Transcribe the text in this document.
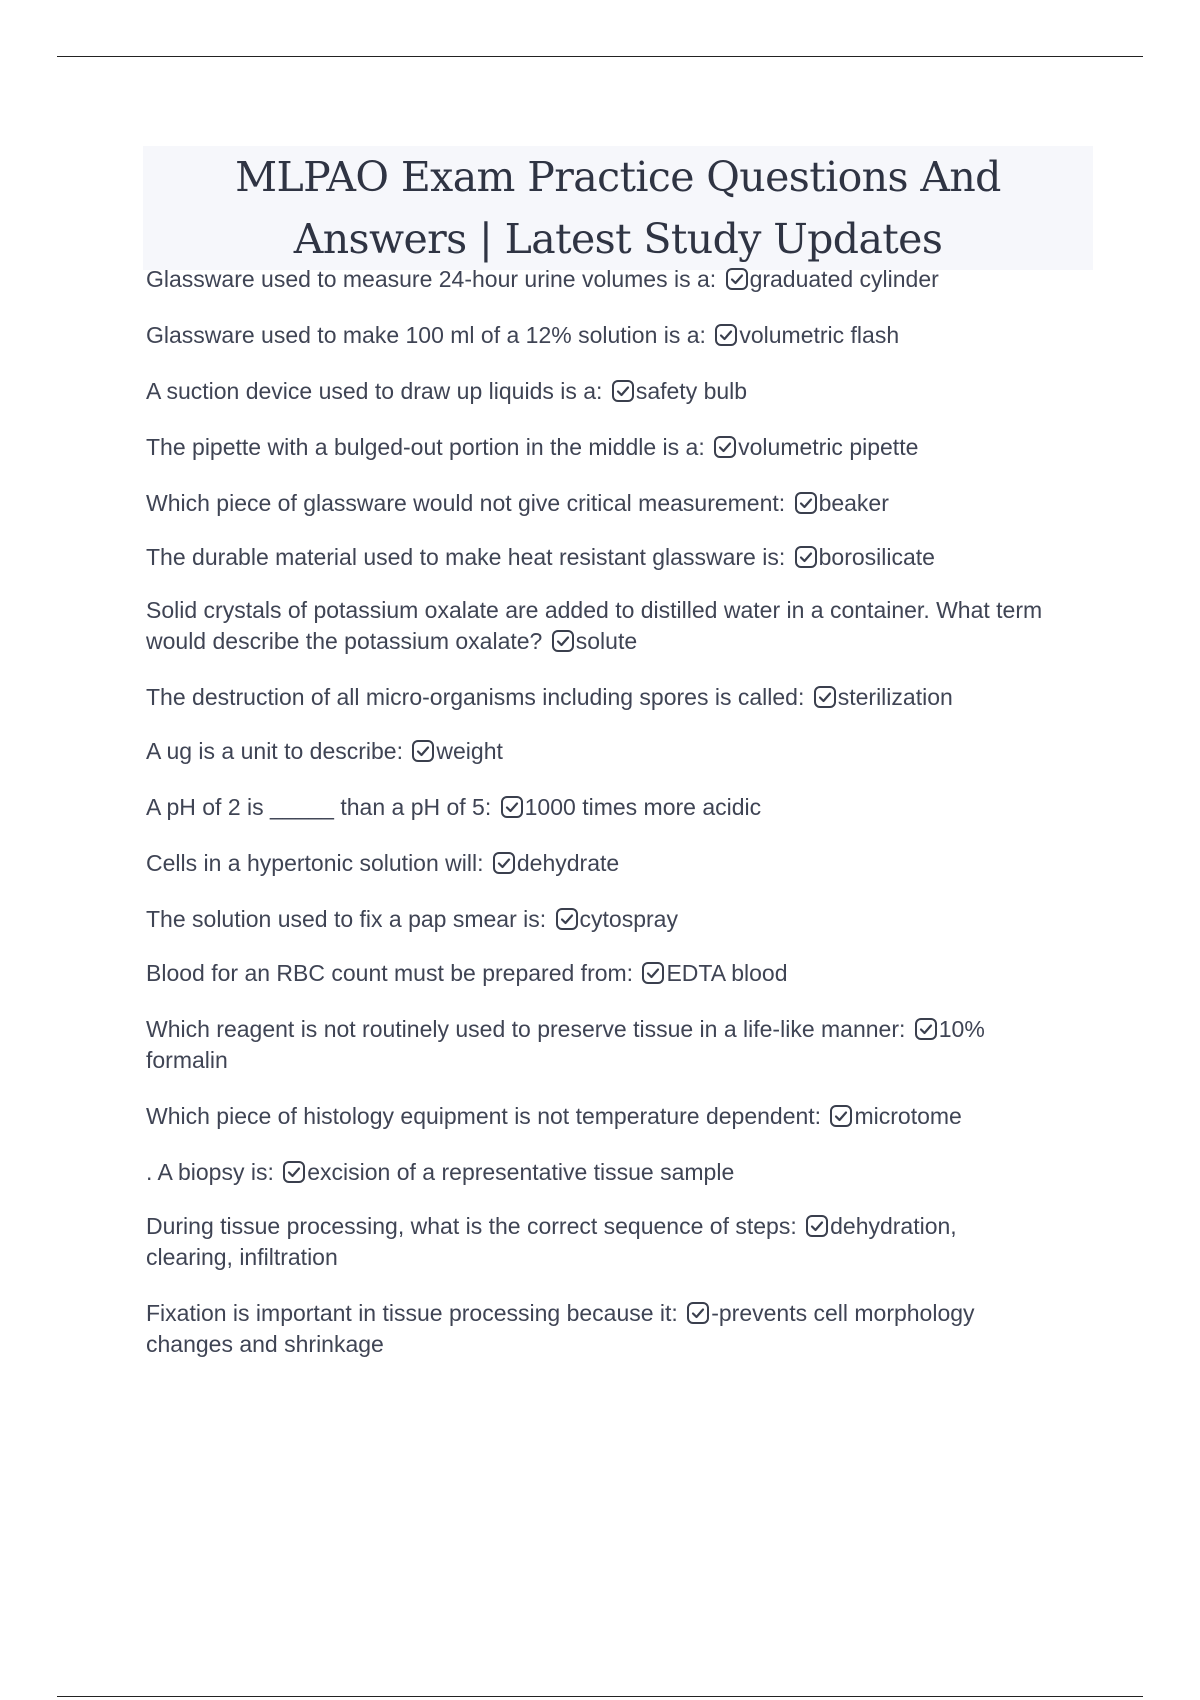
MLPAO Exam Practice Questions And Answers | Latest Study Updates
Glassware used to measure 24-hour urine volumes is a: graduated cylinder
Glassware used to make 100 ml of a 12% solution is a: volumetric flash
A suction device used to draw up liquids is a: safety bulb
The pipette with a bulged-out portion in the middle is a: volumetric pipette
Which piece of glassware would not give critical measurement: beaker
The durable material used to make heat resistant glassware is: borosilicate
Solid crystals of potassium oxalate are added to distilled water in a container. What term would describe the potassium oxalate? solute
The destruction of all micro-organisms including spores is called: sterilization
A ug is a unit to describe: weight
A pH of 2 is _____ than a pH of 5: 1000 times more acidic
Cells in a hypertonic solution will: dehydrate
The solution used to fix a pap smear is: cytospray
Blood for an RBC count must be prepared from: EDTA blood
Which reagent is not routinely used to preserve tissue in a life-like manner: 10% formalin
Which piece of histology equipment is not temperature dependent: microtome
. A biopsy is: excision of a representative tissue sample
During tissue processing, what is the correct sequence of steps: dehydration, clearing, infiltration
Fixation is important in tissue processing because it: -prevents cell morphology changes and shrinkage
